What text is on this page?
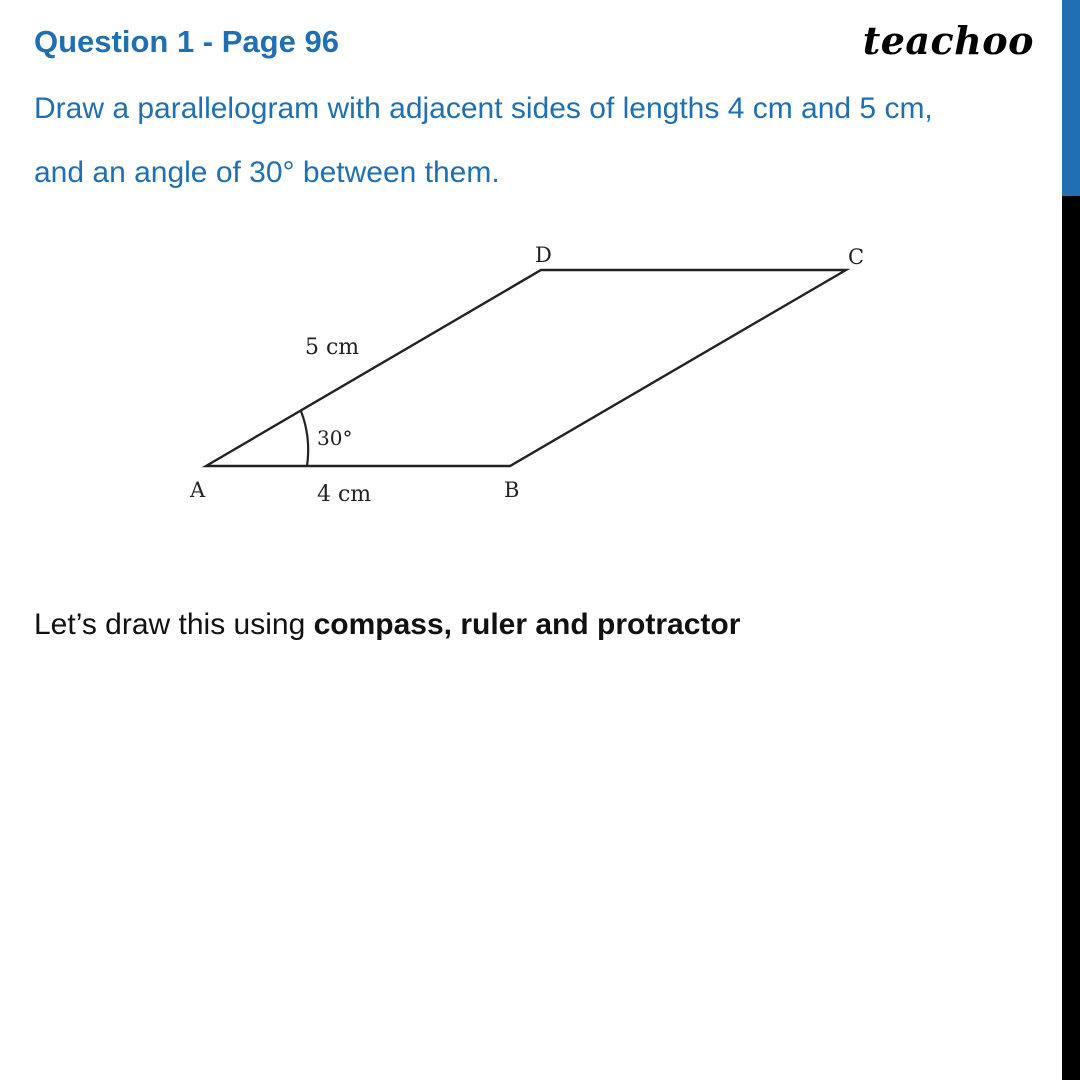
Question 1 - Page 96	teachoo
Draw a parallelogram with adjacent sides of lengths 4 cm and 5 cm,
and an angle of 30° between them.
A	B
C
D
5 cm
4 cm
30°
Let’s draw this using compass, ruler and protractor
